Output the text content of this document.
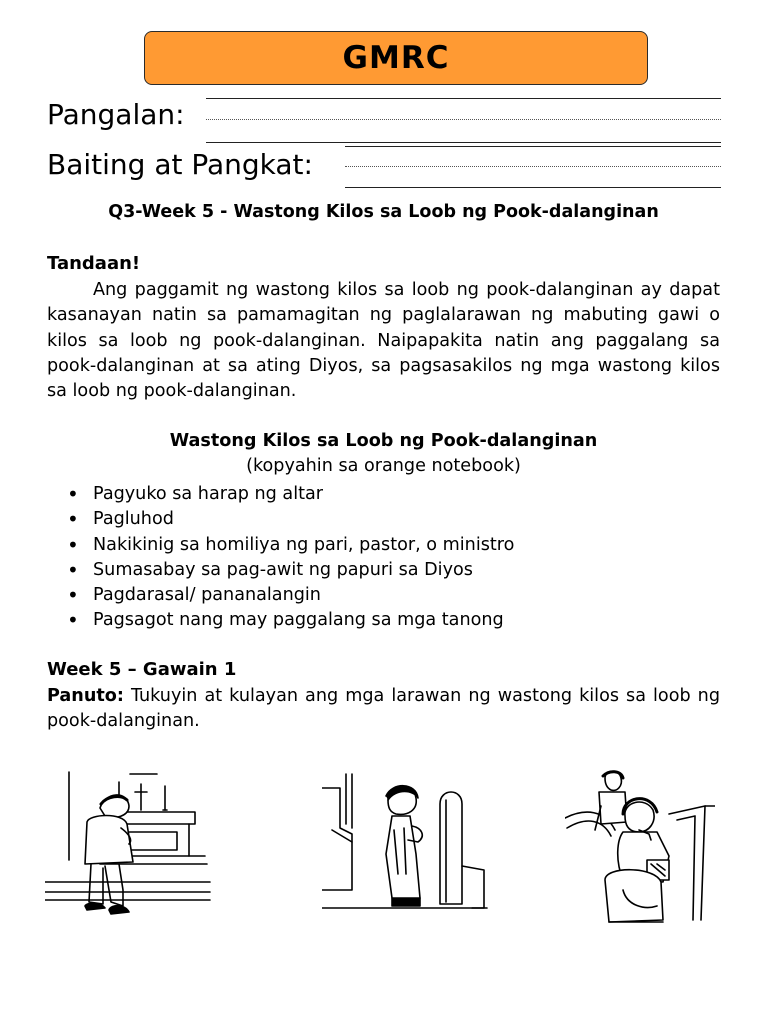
GMRC
Pangalan:
Baiting at Pangkat:
Q3-Week 5 - Wastong Kilos sa Loob ng Pook-dalanginan
Tandaan!
Ang paggamit ng wastong kilos sa loob ng pook-dalanginan ay dapat kasanayan natin sa pamamagitan ng paglalarawan ng mabuting gawi o kilos sa loob ng pook-dalanginan. Naipapakita natin ang paggalang sa pook-dalanginan at sa ating Diyos, sa pagsasakilos ng mga wastong kilos sa loob ng pook-dalanginan.
Wastong Kilos sa Loob ng Pook-dalanginan
(kopyahin sa orange notebook)
• Pagyuko sa harap ng altar
• Pagluhod
• Nakikinig sa homiliya ng pari, pastor, o ministro
• Sumasabay sa pag-awit ng papuri sa Diyos
• Pagdarasal/ pananalangin
• Pagsagot nang may paggalang sa mga tanong
Week 5 – Gawain 1
Panuto: Tukuyin at kulayan ang mga larawan ng wastong kilos sa loob ng pook-dalanginan.
